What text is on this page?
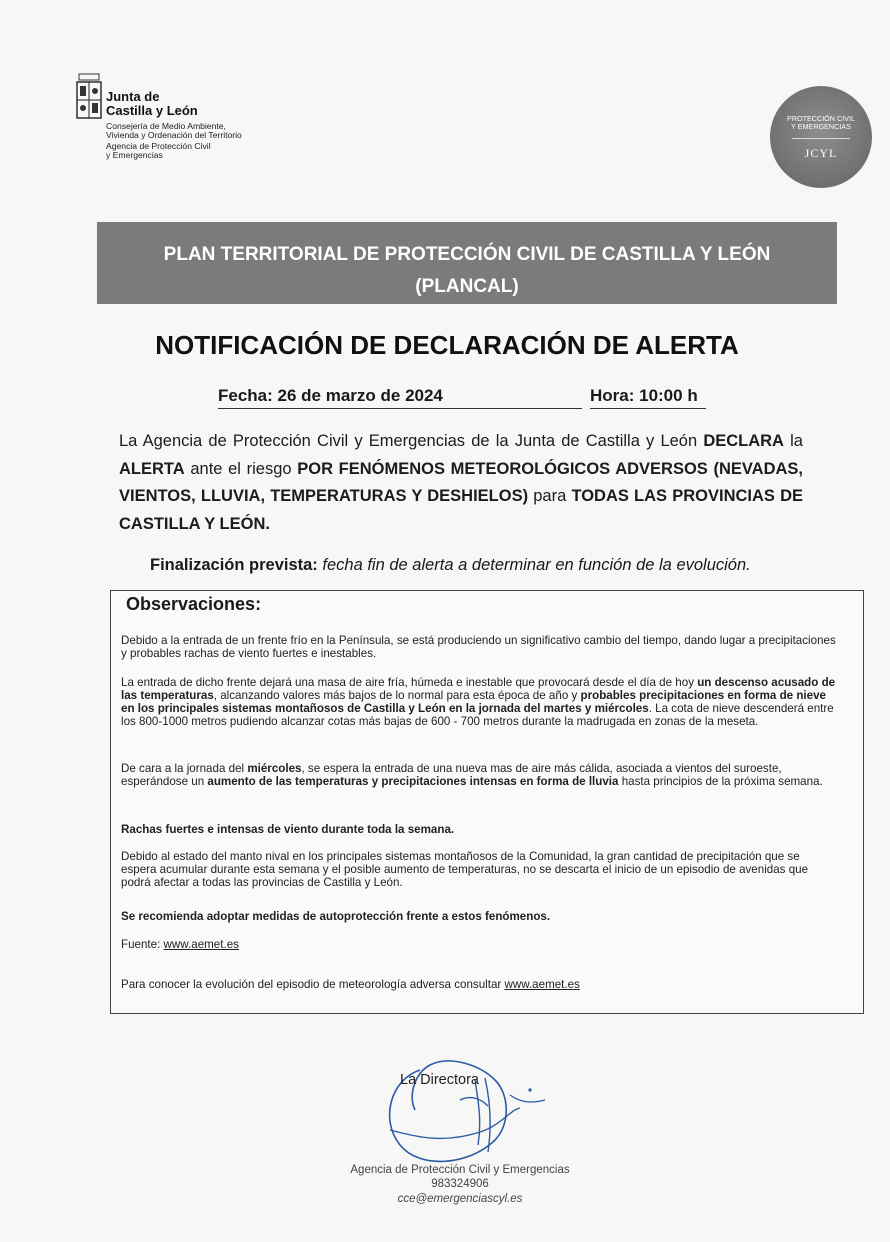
Junta de
Castilla y León
Consejería de Medio Ambiente,
Vivienda y Ordenación del Territorio
Agencia de Protección Civil
y Emergencias
PROTECCIÓN CIVIL
Y EMERGENCIAS
JCYL
PLAN TERRITORIAL DE PROTECCIÓN CIVIL DE CASTILLA Y LEÓN
(PLANCAL)
NOTIFICACIÓN DE DECLARACIÓN DE ALERTA
Fecha: 26 de marzo de 2024	Hora: 10:00 h
La Agencia de Protección Civil y Emergencias de la Junta de Castilla y León DECLARA la ALERTA ante el riesgo POR FENÓMENOS METEOROLÓGICOS ADVERSOS (NEVADAS, VIENTOS, LLUVIA, TEMPERATURAS Y DESHIELOS) para TODAS LAS PROVINCIAS DE CASTILLA Y LEÓN.
Finalización prevista: fecha fin de alerta a determinar en función de la evolución.
Observaciones:
Debido a la entrada de un frente frío en la Península, se está produciendo un significativo cambio del tiempo, dando lugar a precipitaciones y probables rachas de viento fuertes e inestables.
La entrada de dicho frente dejará una masa de aire fría, húmeda e inestable que provocará desde el día de hoy un descenso acusado de las temperaturas, alcanzando valores más bajos de lo normal para esta época de año y probables precipitaciones en forma de nieve en los principales sistemas montañosos de Castilla y León en la jornada del martes y miércoles. La cota de nieve descenderá entre los 800-1000 metros pudiendo alcanzar cotas más bajas de 600 - 700 metros durante la madrugada en zonas de la meseta.
De cara a la jornada del miércoles, se espera la entrada de una nueva mas de aire más cálida, asociada a vientos del suroeste, esperándose un aumento de las temperaturas y precipitaciones intensas en forma de lluvia hasta principios de la próxima semana.
Rachas fuertes e intensas de viento durante toda la semana.
Debido al estado del manto nival en los principales sistemas montañosos de la Comunidad, la gran cantidad de precipitación que se espera acumular durante esta semana y el posible aumento de temperaturas, no se descarta el inicio de un episodio de avenidas que podrá afectar a todas las provincias de Castilla y León.
Se recomienda adoptar medidas de autoprotección frente a estos fenómenos.
Fuente: www.aemet.es
Para conocer la evolución del episodio de meteorología adversa consultar www.aemet.es
La Directora
Agencia de Protección Civil y Emergencias
983324906
cce@emergenciascyl.es
